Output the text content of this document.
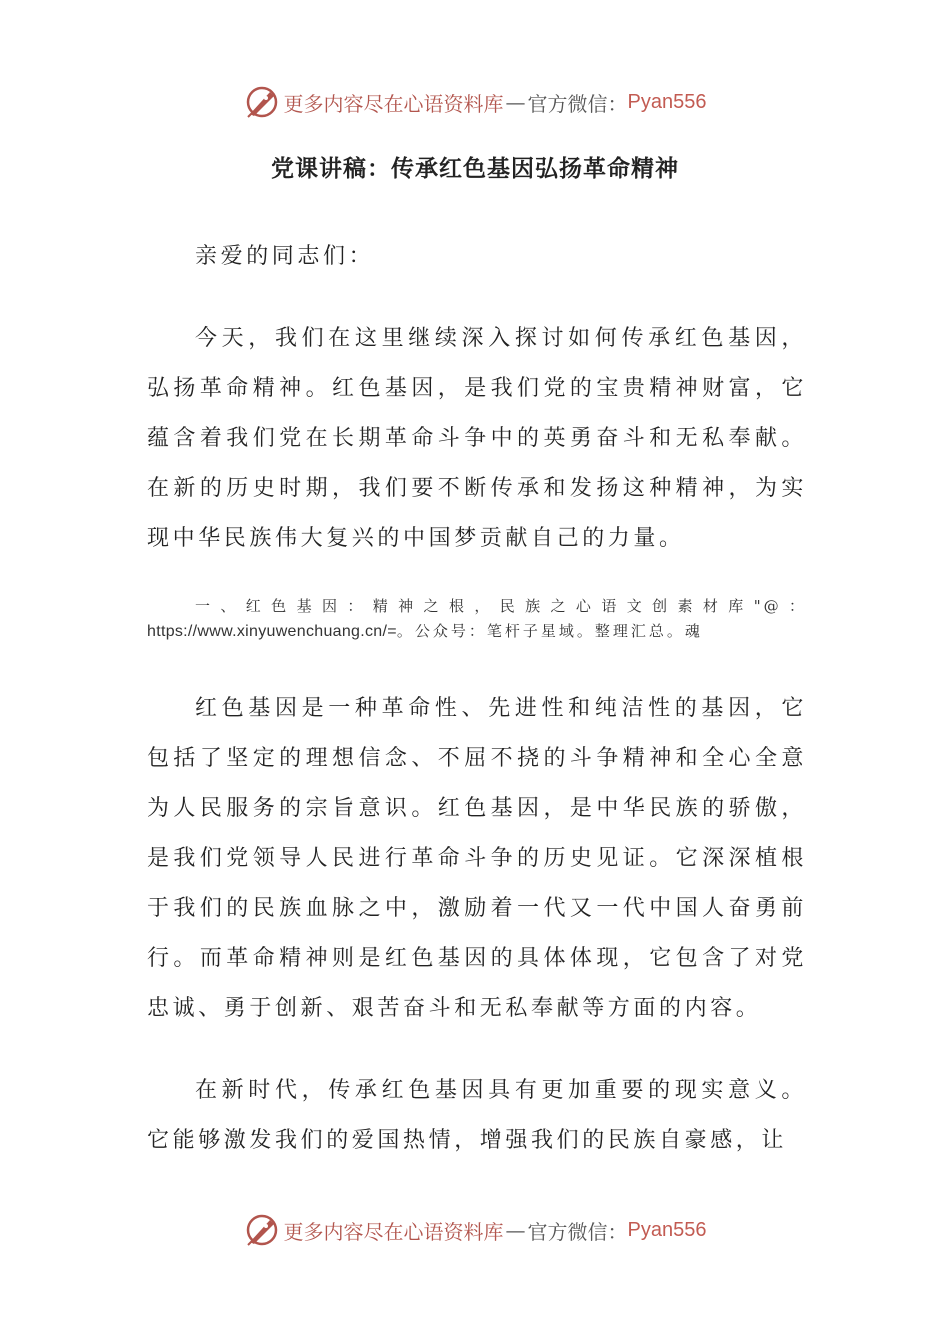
更多内容尽在心语资料库 — 官方微信： Pyan556
党课讲稿：传承红色基因弘扬革命精神

亲爱的同志们：

今天，我们在这里继续深入探讨如何传承红色基因，弘扬革命精神。红色基因，是我们党的宝贵精神财富，它蕴含着我们党在长期革命斗争中的英勇奋斗和无私奉献。在新的历史时期，我们要不断传承和发扬这种精神，为实现中华民族伟大复兴的中国梦贡献自己的力量。

一、红色基因：精神之根，民族之心语文创素材库"@：https://www.xinyuwenchuang.cn/=。公众号：笔杆子星域。整理汇总。魂

红色基因是一种革命性、先进性和纯洁性的基因，它包括了坚定的理想信念、不屈不挠的斗争精神和全心全意为人民服务的宗旨意识。红色基因，是中华民族的骄傲，是我们党领导人民进行革命斗争的历史见证。它深深植根于我们的民族血脉之中，激励着一代又一代中国人奋勇前行。而革命精神则是红色基因的具体体现，它包含了对党忠诚、勇于创新、艰苦奋斗和无私奉献等方面的内容。

在新时代，传承红色基因具有更加重要的现实意义。它能够激发我们的爱国热情，增强我们的民族自豪感，让

更多内容尽在心语资料库 — 官方微信： Pyan556
